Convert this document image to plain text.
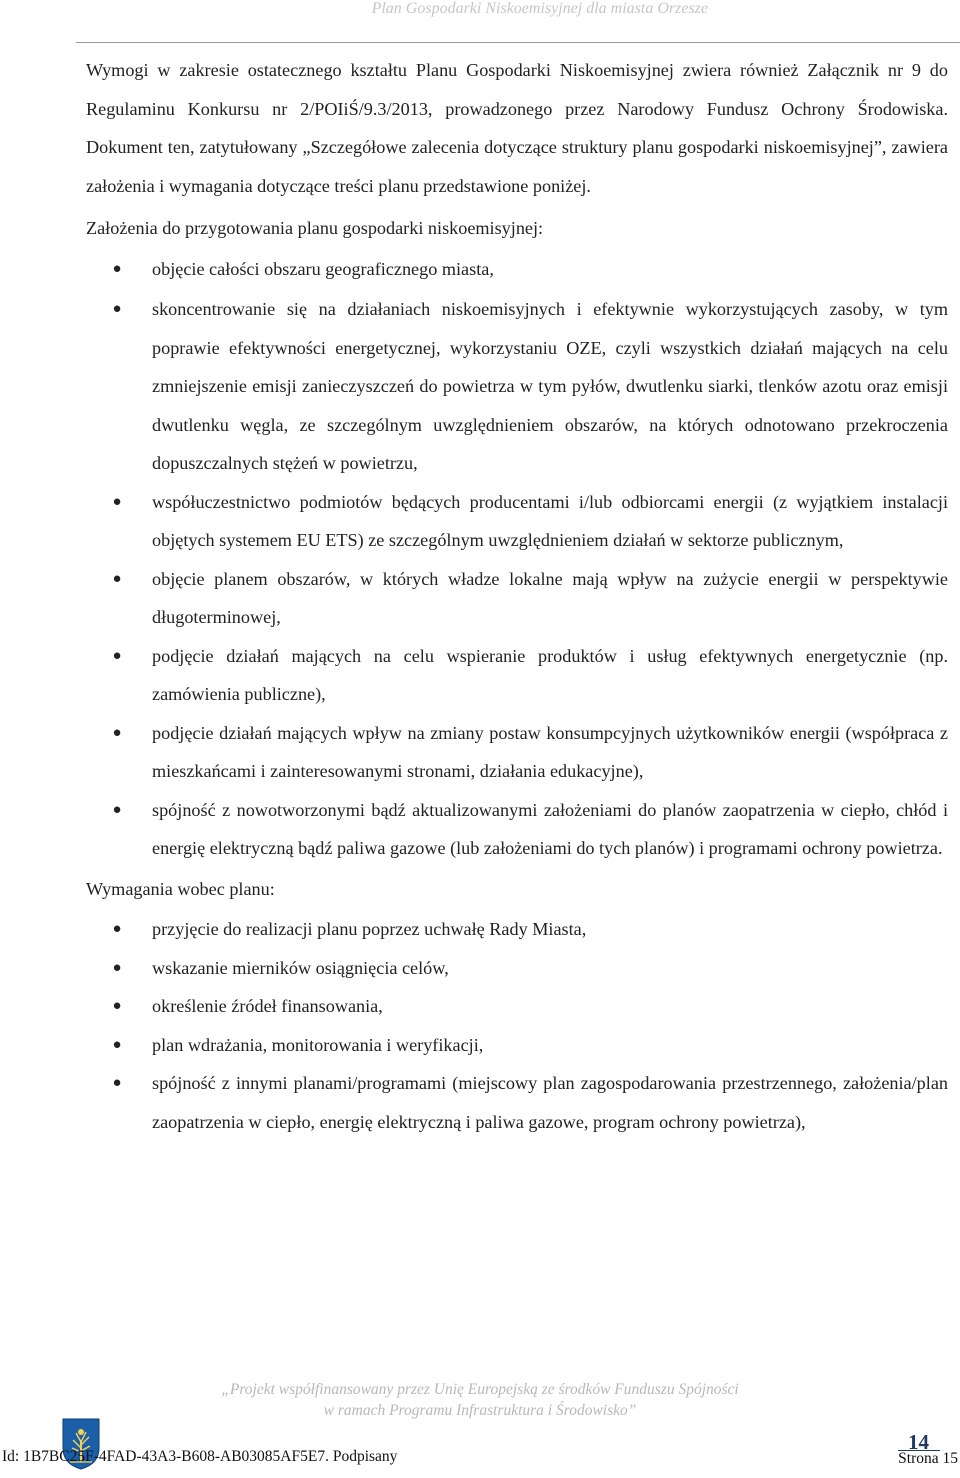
Plan Gospodarki Niskoemisyjnej dla miasta Orzesze

Wymogi w zakresie ostatecznego kształtu Planu Gospodarki Niskoemisyjnej zwiera również Załącznik nr 9 do Regulaminu Konkursu nr 2/POIiŚ/9.3/2013, prowadzonego przez Narodowy Fundusz Ochrony Środowiska. Dokument ten, zatytułowany „Szczegółowe zalecenia dotyczące struktury planu gospodarki niskoemisyjnej”, zawiera założenia i wymagania dotyczące treści planu przedstawione poniżej.

Założenia do przygotowania planu gospodarki niskoemisyjnej:

● objęcie całości obszaru geograficznego miasta,
● skoncentrowanie się na działaniach niskoemisyjnych i efektywnie wykorzystujących zasoby, w tym poprawie efektywności energetycznej, wykorzystaniu OZE, czyli wszystkich działań mających na celu zmniejszenie emisji zanieczyszczeń do powietrza w tym pyłów, dwutlenku siarki, tlenków azotu oraz emisji dwutlenku węgla, ze szczególnym uwzględnieniem obszarów, na których odnotowano przekroczenia dopuszczalnych stężeń w powietrzu,
● współuczestnictwo podmiotów będących producentami i/lub odbiorcami energii (z wyjątkiem instalacji objętych systemem EU ETS) ze szczególnym uwzględnieniem działań w sektorze publicznym,
● objęcie planem obszarów, w których władze lokalne mają wpływ na zużycie energii w perspektywie długoterminowej,
● podjęcie działań mających na celu wspieranie produktów i usług efektywnych energetycznie (np. zamówienia publiczne),
● podjęcie działań mających wpływ na zmiany postaw konsumpcyjnych użytkowników energii (współpraca z mieszkańcami i zainteresowanymi stronami, działania edukacyjne),
● spójność z nowotworzonymi bądź aktualizowanymi założeniami do planów zaopatrzenia w ciepło, chłód i energię elektryczną bądź paliwa gazowe (lub założeniami do tych planów) i programami ochrony powietrza.

Wymagania wobec planu:

● przyjęcie do realizacji planu poprzez uchwałę Rady Miasta,
● wskazanie mierników osiągnięcia celów,
● określenie źródeł finansowania,
● plan wdrażania, monitorowania i weryfikacji,
● spójność z innymi planami/programami (miejscowy plan zagospodarowania przestrzennego, założenia/plan zaopatrzenia w ciepło, energię elektryczną i paliwa gazowe, program ochrony powietrza),
„Projekt współfinansowany przez Unię Europejską ze środków Funduszu Spójności
w ramach Programu Infrastruktura i Środowisko”
Id: 1B7BC25F-4FAD-43A3-B608-AB03085AF5E7. Podpisany
14
Strona 15
